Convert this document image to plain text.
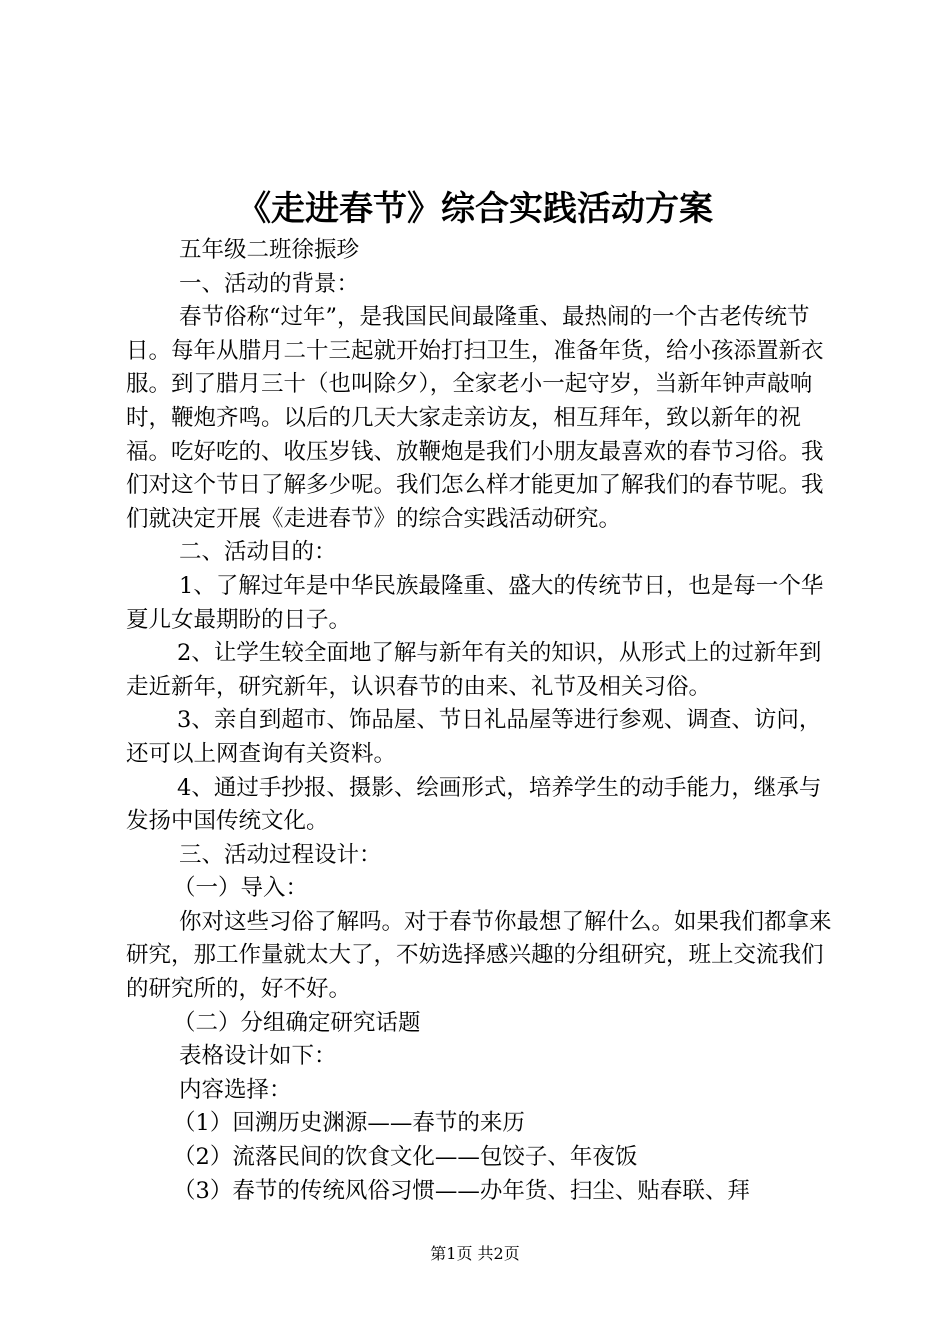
《走进春节》综合实践活动方案

五年级二班徐振珍

一、活动的背景：

春节俗称“过年”，是我国民间最隆重、最热闹的一个古老传统节日。每年从腊月二十三起就开始打扫卫生，准备年货，给小孩添置新衣服。到了腊月三十（也叫除夕），全家老小一起守岁，当新年钟声敲响时，鞭炮齐鸣。以后的几天大家走亲访友，相互拜年，致以新年的祝福。吃好吃的、收压岁钱、放鞭炮是我们小朋友最喜欢的春节习俗。我们对这个节日了解多少呢。我们怎么样才能更加了解我们的春节呢。我们就决定开展《走进春节》的综合实践活动研究。

二、活动目的：

1、了解过年是中华民族最隆重、盛大的传统节日，也是每一个华夏儿女最期盼的日子。

2、让学生较全面地了解与新年有关的知识，从形式上的过新年到走近新年，研究新年，认识春节的由来、礼节及相关习俗。

3、亲自到超市、饰品屋、节日礼品屋等进行参观、调查、访问，还可以上网查询有关资料。

4、通过手抄报、摄影、绘画形式，培养学生的动手能力，继承与发扬中国传统文化。

三、活动过程设计：

（一）导入：

你对这些习俗了解吗。对于春节你最想了解什么。如果我们都拿来研究，那工作量就太大了，不妨选择感兴趣的分组研究，班上交流我们的研究所的，好不好。

（二）分组确定研究话题

表格设计如下：

内容选择：

（1）回溯历史渊源——春节的来历

（2）流落民间的饮食文化——包饺子、年夜饭

（3）春节的传统风俗习惯——办年货、扫尘、贴春联、拜

第1页 共2页
